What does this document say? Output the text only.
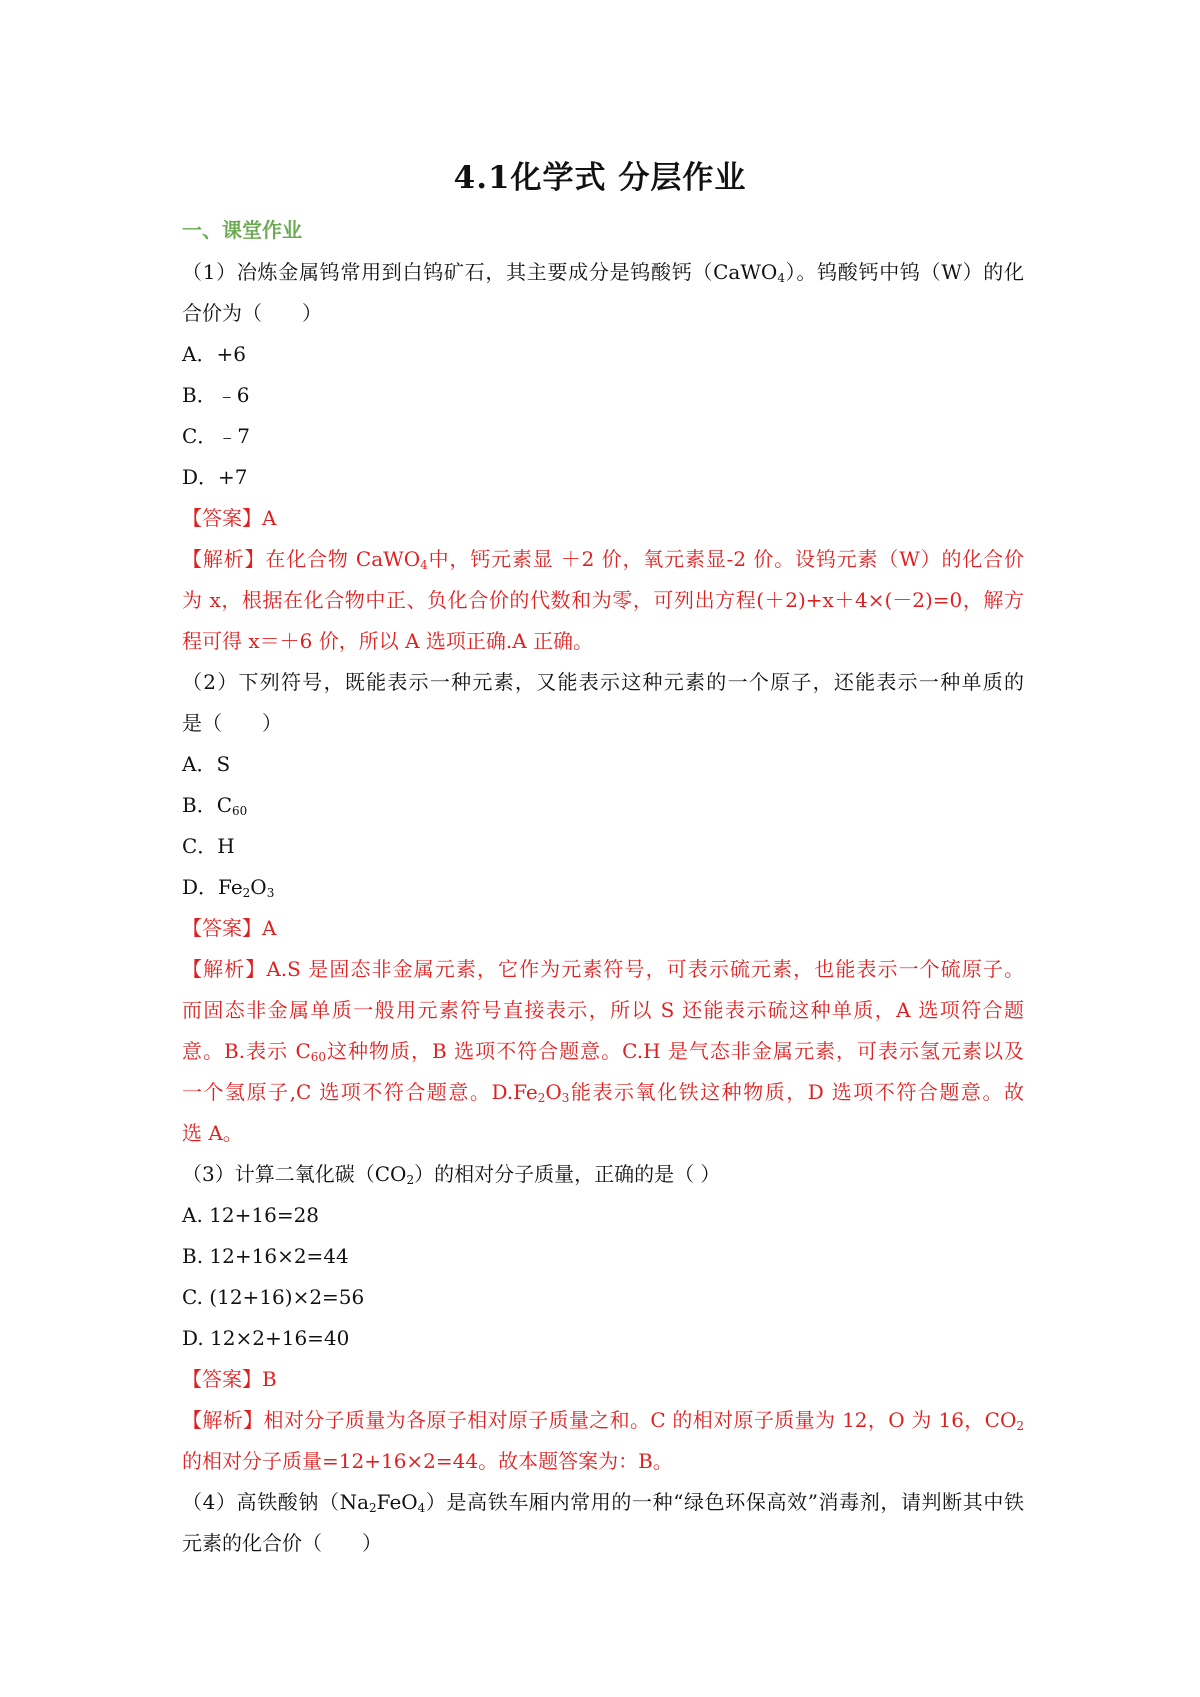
4.1化学式 分层作业
一、课堂作业
（1）冶炼金属钨常用到白钨矿石，其主要成分是钨酸钙（CaWO$_4$）。钨酸钙中钨（W）的化
合价为（　　）
A．+6
B．﹣6
C．﹣7
D．+7
【答案】A
【解析】在化合物 CaWO$_4$中，钙元素显 ＋2 价，氧元素显-2 价。设钨元素（W）的化合价
为 x，根据在化合物中正、负化合价的代数和为零，可列出方程(＋2)+x＋4×(－2)=0，解方
程可得 x＝＋6 价，所以 A 选项正确.A 正确。
（2）下列符号，既能表示一种元素，又能表示这种元素的一个原子，还能表示一种单质的
是（　　）
A．S
B．$C_{60}$
C．H
D．$Fe_2O_3$
【答案】A
【解析】A.S 是固态非金属元素，它作为元素符号，可表示硫元素，也能表示一个硫原子。
而固态非金属单质一般用元素符号直接表示，所以 S 还能表示硫这种单质，A 选项符合题
意。B.表示 $C_{60}$这种物质，B 选项不符合题意。C.H 是气态非金属元素，可表示氢元素以及
一个氢原子,C 选项不符合题意。$D.Fe_2O_3$能表示氧化铁这种物质，D 选项不符合题意。故
选 A。
（3）计算二氧化碳$(CO_2)$的相对分子质量，正确的是（ ）
A. 12+16=28
B. 12+16×2=44
C. (12+16)×2=56
D. 12×2+16=40
【答案】B
【解析】相对分子质量为各原子相对原子质量之和。C 的相对原子质量为 12，O 为 16，$CO_2$
的相对分子质量=12+16×2=44。故本题答案为：B。
（4）高铁酸钠$(Na_2FeO_4)$是高铁车厢内常用的一种“绿色环保高效”消毒剂，请判断其中铁
元素的化合价（　　）
